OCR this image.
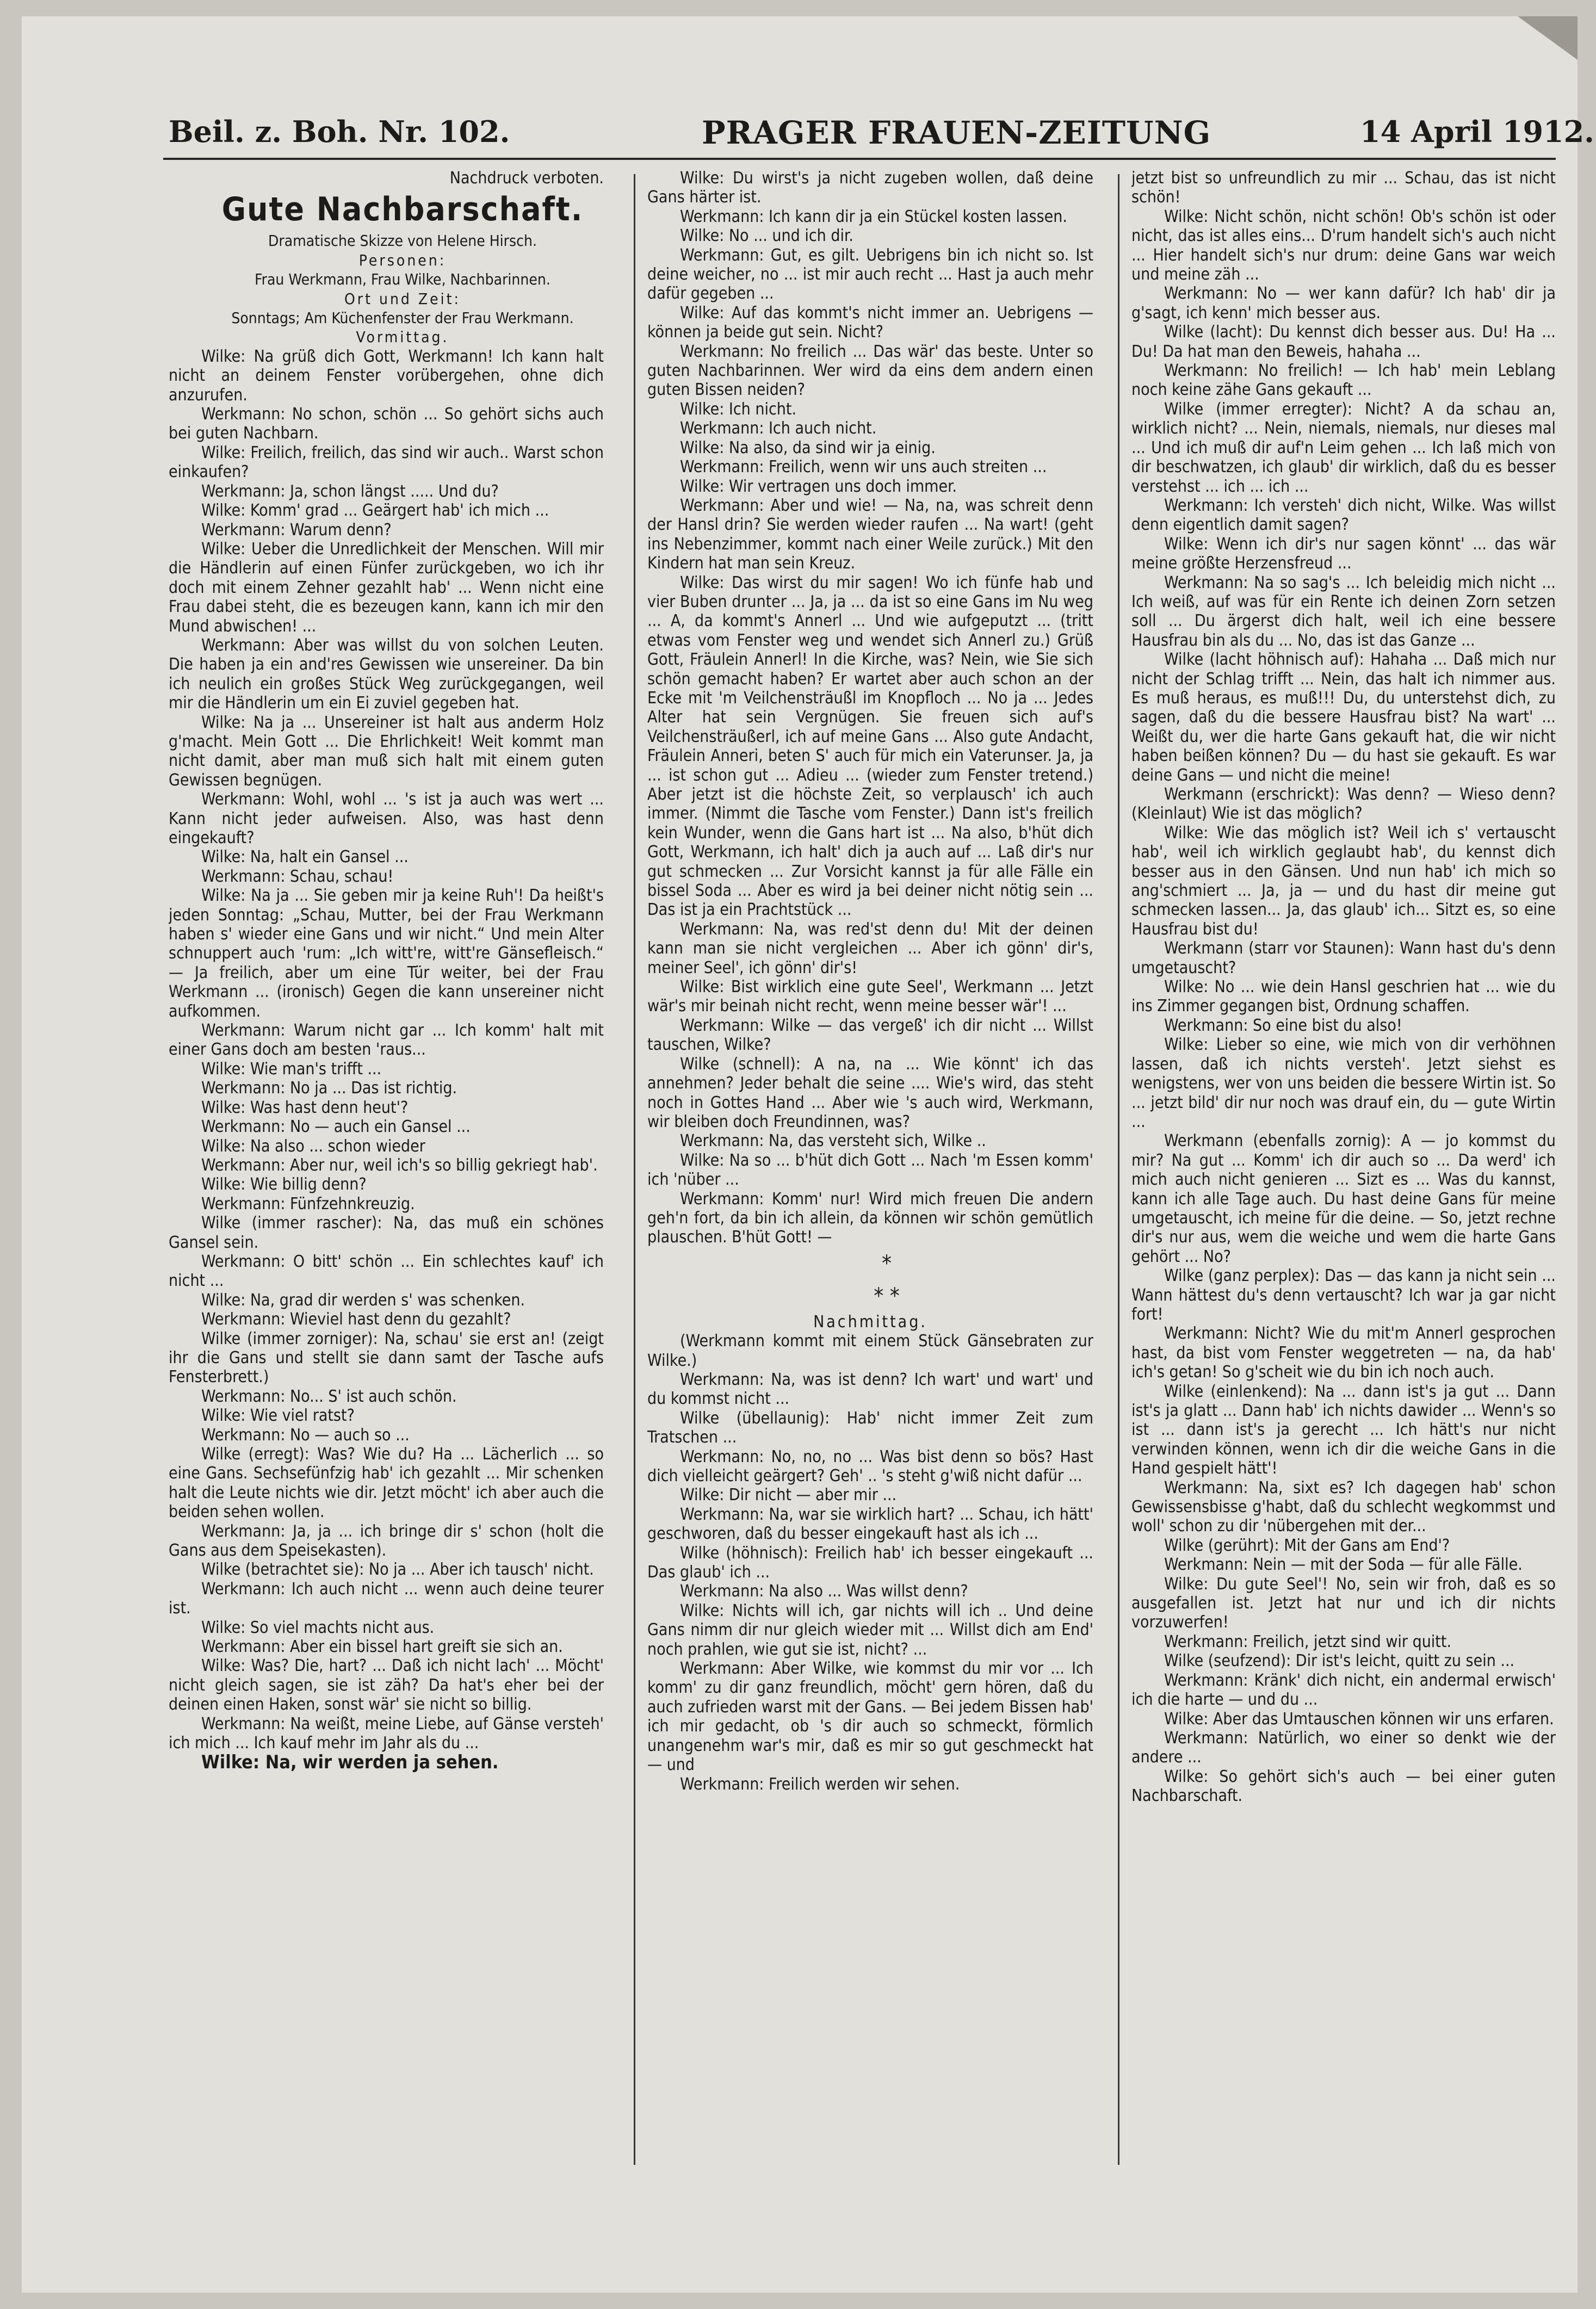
Beil. z. Boh. Nr. 102.	PRAGER FRAUEN-ZEITUNG	14 April 1912.

Nachdruck verboten.

Gute Nachbarschaft.

Dramatische Skizze von Helene Hirsch.

Personen:

Frau Werkmann, Frau Wilke, Nachbarinnen.

Ort und Zeit:

Sonntags; Am Küchenfenster der Frau Werkmann.

Vormittag.

Wilke: Na grüß dich Gott, Werkmann! Ich kann halt nicht an deinem Fenster vorübergehen, ohne dich anzurufen.

Werkmann: No schon, schön ... So gehört sichs auch bei guten Nachbarn.

Wilke: Freilich, freilich, das sind wir auch.. Warst schon einkaufen?

Werkmann: Ja, schon längst ..... Und du?

Wilke: Komm' grad ... Geärgert hab' ich mich ...

Werkmann: Warum denn?

Wilke: Ueber die Unredlichkeit der Menschen. Will mir die Händlerin auf einen Fünfer zurückgeben, wo ich ihr doch mit einem Zehner gezahlt hab' ... Wenn nicht eine Frau dabei steht, die es bezeugen kann, kann ich mir den Mund abwischen! ...

Werkmann: Aber was willst du von solchen Leuten. Die haben ja ein and'res Gewissen wie unsereiner. Da bin ich neulich ein großes Stück Weg zurückgegangen, weil mir die Händlerin um ein Ei zuviel gegeben hat.

Wilke: Na ja ... Unsereiner ist halt aus anderm Holz g'macht. Mein Gott ... Die Ehrlichkeit! Weit kommt man nicht damit, aber man muß sich halt mit einem guten Gewissen begnügen.

Werkmann: Wohl, wohl ... 's ist ja auch was wert ... Kann nicht jeder aufweisen. Also, was hast denn eingekauft?

Wilke: Na, halt ein Gansel ...

Werkmann: Schau, schau!

Wilke: Na ja ... Sie geben mir ja keine Ruh'! Da heißt's jeden Sonntag: „Schau, Mutter, bei der Frau Werkmann haben s' wieder eine Gans und wir nicht.“ Und mein Alter schnuppert auch 'rum: „Ich witt're, witt're Gänsefleisch.“ — Ja freilich, aber um eine Tür weiter, bei der Frau Werkmann ... (ironisch) Gegen die kann unsereiner nicht aufkommen.

Werkmann: Warum nicht gar ... Ich komm' halt mit einer Gans doch am besten 'raus...

Wilke: Wie man's trifft ...

Werkmann: No ja ... Das ist richtig.

Wilke: Was hast denn heut'?

Werkmann: No — auch ein Gansel ...

Wilke: Na also ... schon wieder

Werkmann: Aber nur, weil ich's so billig gekriegt hab'.

Wilke: Wie billig denn?

Werkmann: Fünfzehnkreuzig.

Wilke (immer rascher): Na, das muß ein schönes Gansel sein.

Werkmann: O bitt' schön ... Ein schlechtes kauf' ich nicht ...

Wilke: Na, grad dir werden s' was schenken.

Werkmann: Wieviel hast denn du gezahlt?

Wilke (immer zorniger): Na, schau' sie erst an! (zeigt ihr die Gans und stellt sie dann samt der Tasche aufs Fensterbrett.)

Werkmann: No... S' ist auch schön.

Wilke: Wie viel ratst?

Werkmann: No — auch so ...

Wilke (erregt): Was? Wie du? Ha ... Lächerlich ... so eine Gans. Sechsefünfzig hab' ich gezahlt ... Mir schenken halt die Leute nichts wie dir. Jetzt möcht' ich aber auch die beiden sehen wollen.

Werkmann: Ja, ja ... ich bringe dir s' schon (holt die Gans aus dem Speisekasten).

Wilke (betrachtet sie): No ja ... Aber ich tausch' nicht.

Werkmann: Ich auch nicht ... wenn auch deine teurer ist.

Wilke: So viel machts nicht aus.

Werkmann: Aber ein bissel hart greift sie sich an.

Wilke: Was? Die, hart? ... Daß ich nicht lach' ... Möcht' nicht gleich sagen, sie ist zäh? Da hat's eher bei der deinen einen Haken, sonst wär' sie nicht so billig.

Werkmann: Na weißt, meine Liebe, auf Gänse versteh' ich mich ... Ich kauf mehr im Jahr als du ...

Wilke: Na, wir werden ja sehen.

Wilke: Du wirst's ja nicht zugeben wollen, daß deine Gans härter ist.

Werkmann: Ich kann dir ja ein Stückel kosten lassen.

Wilke: No ... und ich dir.

Werkmann: Gut, es gilt. Uebrigens bin ich nicht so. Ist deine weicher, no ... ist mir auch recht ... Hast ja auch mehr dafür gegeben ...

Wilke: Auf das kommt's nicht immer an. Uebrigens — können ja beide gut sein. Nicht?

Werkmann: No freilich ... Das wär' das beste. Unter so guten Nachbarinnen. Wer wird da eins dem andern einen guten Bissen neiden?

Wilke: Ich nicht.

Werkmann: Ich auch nicht.

Wilke: Na also, da sind wir ja einig.

Werkmann: Freilich, wenn wir uns auch streiten ...

Wilke: Wir vertragen uns doch immer.

Werkmann: Aber und wie! — Na, na, was schreit denn der Hansl drin? Sie werden wieder raufen ... Na wart! (geht ins Nebenzimmer, kommt nach einer Weile zurück.) Mit den Kindern hat man sein Kreuz.

Wilke: Das wirst du mir sagen! Wo ich fünfe hab und vier Buben drunter ... Ja, ja ... da ist so eine Gans im Nu weg ... A, da kommt's Annerl ... Und wie aufgeputzt ... (tritt etwas vom Fenster weg und wendet sich Annerl zu.) Grüß Gott, Fräulein Annerl! In die Kirche, was? Nein, wie Sie sich schön gemacht haben? Er wartet aber auch schon an der Ecke mit 'm Veilchensträußl im Knopfloch ... No ja ... Jedes Alter hat sein Vergnügen. Sie freuen sich auf's Veilchensträußerl, ich auf meine Gans ... Also gute Andacht, Fräulein Anneri, beten S' auch für mich ein Vaterunser. Ja, ja ... ist schon gut ... Adieu ... (wieder zum Fenster tretend.) Aber jetzt ist die höchste Zeit, so verplausch' ich auch immer. (Nimmt die Tasche vom Fenster.) Dann ist's freilich kein Wunder, wenn die Gans hart ist ... Na also, b'hüt dich Gott, Werkmann, ich halt' dich ja auch auf ... Laß dir's nur gut schmecken ... Zur Vorsicht kannst ja für alle Fälle ein bissel Soda ... Aber es wird ja bei deiner nicht nötig sein ... Das ist ja ein Prachtstück ...

Werkmann: Na, was red'st denn du! Mit der deinen kann man sie nicht vergleichen ... Aber ich gönn' dir's, meiner Seel', ich gönn' dir's!

Wilke: Bist wirklich eine gute Seel', Werkmann ... Jetzt wär's mir beinah nicht recht, wenn meine besser wär'! ...

Werkmann: Wilke — das vergeß' ich dir nicht ... Willst tauschen, Wilke?

Wilke (schnell): A na, na ... Wie könnt' ich das annehmen? Jeder behalt die seine .... Wie's wird, das steht noch in Gottes Hand ... Aber wie 's auch wird, Werkmann, wir bleiben doch Freundinnen, was?

Werkmann: Na, das versteht sich, Wilke ..

Wilke: Na so ... b'hüt dich Gott ... Nach 'm Essen komm' ich 'nüber ...

Werkmann: Komm' nur! Wird mich freuen Die andern geh'n fort, da bin ich allein, da können wir schön gemütlich plauschen. B'hüt Gott! —

*

* *

Nachmittag.

(Werkmann kommt mit einem Stück Gänsebraten zur Wilke.)

Werkmann: Na, was ist denn? Ich wart' und wart' und du kommst nicht ...

Wilke (übellaunig): Hab' nicht immer Zeit zum Tratschen ...

Werkmann: No, no, no ... Was bist denn so bös? Hast dich vielleicht geärgert? Geh' .. 's steht g'wiß nicht dafür ...

Wilke: Dir nicht — aber mir ...

Werkmann: Na, war sie wirklich hart? ... Schau, ich hätt' geschworen, daß du besser eingekauft hast als ich ...

Wilke (höhnisch): Freilich hab' ich besser eingekauft ... Das glaub' ich ...

Werkmann: Na also ... Was willst denn?

Wilke: Nichts will ich, gar nichts will ich .. Und deine Gans nimm dir nur gleich wieder mit ... Willst dich am End' noch prahlen, wie gut sie ist, nicht? ...

Werkmann: Aber Wilke, wie kommst du mir vor ... Ich komm' zu dir ganz freundlich, möcht' gern hören, daß du auch zufrieden warst mit der Gans. — Bei jedem Bissen hab' ich mir gedacht, ob 's dir auch so schmeckt, förmlich unangenehm war's mir, daß es mir so gut geschmeckt hat — und

Werkmann: Freilich werden wir sehen.

jetzt bist so unfreundlich zu mir ... Schau, das ist nicht schön!

Wilke: Nicht schön, nicht schön! Ob's schön ist oder nicht, das ist alles eins... D'rum handelt sich's auch nicht ... Hier handelt sich's nur drum: deine Gans war weich und meine zäh ...

Werkmann: No — wer kann dafür? Ich hab' dir ja g'sagt, ich kenn' mich besser aus.

Wilke (lacht): Du kennst dich besser aus. Du! Ha ... Du! Da hat man den Beweis, hahaha ...

Werkmann: No freilich! — Ich hab' mein Leblang noch keine zähe Gans gekauft ...

Wilke (immer erregter): Nicht? A da schau an, wirklich nicht? ... Nein, niemals, niemals, nur dieses mal ... Und ich muß dir auf'n Leim gehen ... Ich laß mich von dir beschwatzen, ich glaub' dir wirklich, daß du es besser verstehst ... ich ... ich ...

Werkmann: Ich versteh' dich nicht, Wilke. Was willst denn eigentlich damit sagen?

Wilke: Wenn ich dir's nur sagen könnt' ... das wär meine größte Herzensfreud ...

Werkmann: Na so sag's ... Ich beleidig mich nicht ... Ich weiß, auf was für ein Rente ich deinen Zorn setzen soll ... Du ärgerst dich halt, weil ich eine bessere Hausfrau bin als du ... No, das ist das Ganze ...

Wilke (lacht höhnisch auf): Hahaha ... Daß mich nur nicht der Schlag trifft ... Nein, das halt ich nimmer aus. Es muß heraus, es muß!!! Du, du unterstehst dich, zu sagen, daß du die bessere Hausfrau bist? Na wart' ... Weißt du, wer die harte Gans gekauft hat, die wir nicht haben beißen können? Du — du hast sie gekauft. Es war deine Gans — und nicht die meine!

Werkmann (erschrickt): Was denn? — Wieso denn? (Kleinlaut) Wie ist das möglich?

Wilke: Wie das möglich ist? Weil ich s' vertauscht hab', weil ich wirklich geglaubt hab', du kennst dich besser aus in den Gänsen. Und nun hab' ich mich so ang'schmiert ... Ja, ja — und du hast dir meine gut schmecken lassen... Ja, das glaub' ich... Sitzt es, so eine Hausfrau bist du!

Werkmann (starr vor Staunen): Wann hast du's denn umgetauscht?

Wilke: No ... wie dein Hansl geschrien hat ... wie du ins Zimmer gegangen bist, Ordnung schaffen.

Werkmann: So eine bist du also!

Wilke: Lieber so eine, wie mich von dir verhöhnen lassen, daß ich nichts versteh'. Jetzt siehst es wenigstens, wer von uns beiden die bessere Wirtin ist. So ... jetzt bild' dir nur noch was drauf ein, du — gute Wirtin ...

Werkmann (ebenfalls zornig): A — jo kommst du mir? Na gut ... Komm' ich dir auch so ... Da werd' ich mich auch nicht genieren ... Sizt es ... Was du kannst, kann ich alle Tage auch. Du hast deine Gans für meine umgetauscht, ich meine für die deine. — So, jetzt rechne dir's nur aus, wem die weiche und wem die harte Gans gehört ... No?

Wilke (ganz perplex): Das — das kann ja nicht sein ... Wann hättest du's denn vertauscht? Ich war ja gar nicht fort!

Werkmann: Nicht? Wie du mit'm Annerl gesprochen hast, da bist vom Fenster weggetreten — na, da hab' ich's getan! So g'scheit wie du bin ich noch auch.

Wilke (einlenkend): Na ... dann ist's ja gut ... Dann ist's ja glatt ... Dann hab' ich nichts dawider ... Wenn's so ist ... dann ist's ja gerecht ... Ich hätt's nur nicht verwinden können, wenn ich dir die weiche Gans in die Hand gespielt hätt'!

Werkmann: Na, sixt es? Ich dagegen hab' schon Gewissensbisse g'habt, daß du schlecht wegkommst und woll' schon zu dir 'nübergehen mit der...

Wilke (gerührt): Mit der Gans am End'?

Werkmann: Nein — mit der Soda — für alle Fälle.

Wilke: Du gute Seel'! No, sein wir froh, daß es so ausgefallen ist. Jetzt hat nur und ich dir nichts vorzuwerfen!

Werkmann: Freilich, jetzt sind wir quitt.

Wilke (seufzend): Dir ist's leicht, quitt zu sein ...

Werkmann: Kränk' dich nicht, ein andermal erwisch' ich die harte — und du ...

Wilke: Aber das Umtauschen können wir uns erfaren.

Werkmann: Natürlich, wo einer so denkt wie der andere ...

Wilke: So gehört sich's auch — bei einer guten Nachbarschaft.
